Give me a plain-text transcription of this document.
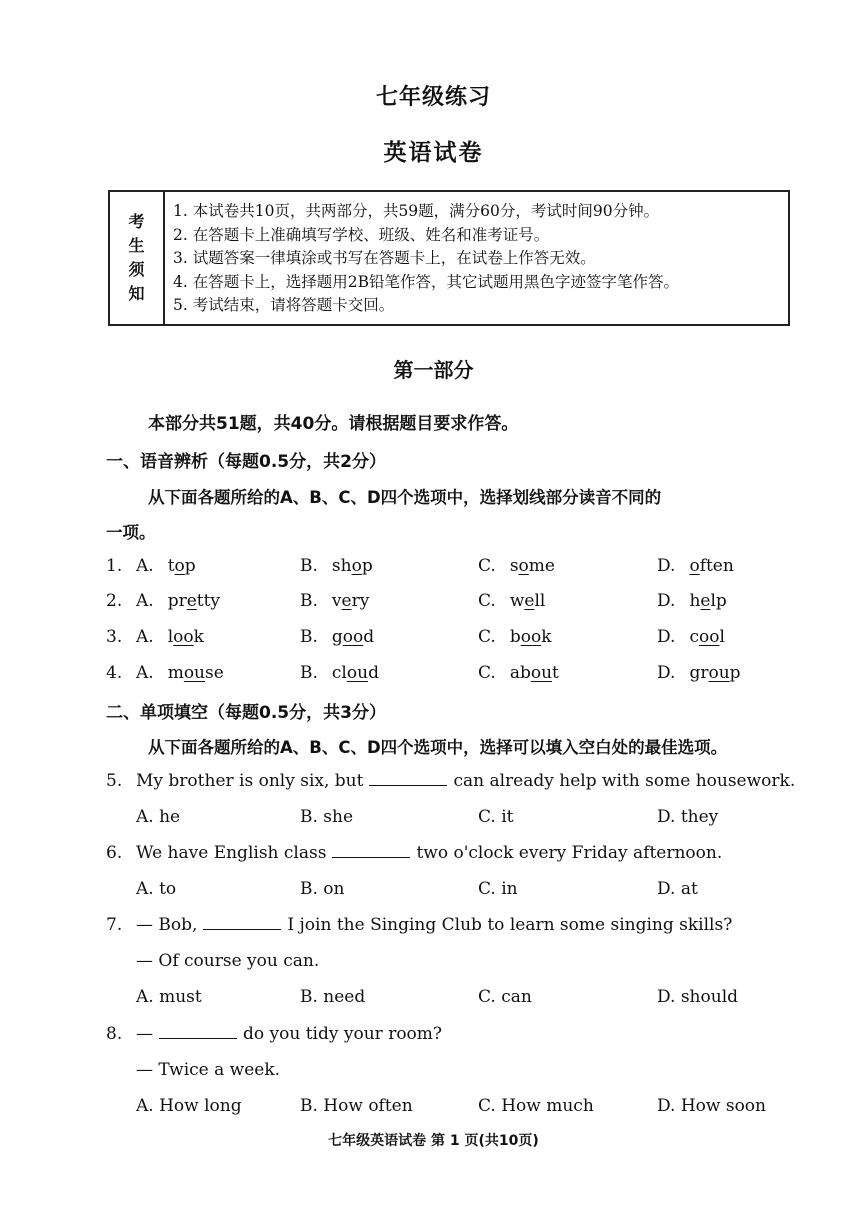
七年级练习
英语试卷
考
生
须
知
1. 本试卷共10页，共两部分，共59题，满分60分，考试时间90分钟。
2. 在答题卡上准确填写学校、班级、姓名和准考证号。
3. 试题答案一律填涂或书写在答题卡上，在试卷上作答无效。
4. 在答题卡上，选择题用2B铅笔作答，其它试题用黑色字迹签字笔作答。
5. 考试结束，请将答题卡交回。
第一部分
本部分共51题，共40分。请根据题目要求作答。
一、语音辨析（每题0.5分，共2分）
从下面各题所给的A、B、C、D四个选项中，选择划线部分读音不同的
一项。
1. A. top	B. shop	C. some	D. often
2. A. pretty	B. very	C. well	D. help
3. A. look	B. good	C. book	D. cool
4. A. mouse	B. cloud	C. about	D. group
二、单项填空（每题0.5分，共3分）
从下面各题所给的A、B、C、D四个选项中，选择可以填入空白处的最佳选项。
5. My brother is only six, but	can already help with some housework.
A. he	B. she	C. it	D. they
6. We have English class	two o'clock every Friday afternoon.
A. to	B. on	C. in	D. at
7. — Bob,	I join the Singing Club to learn some singing skills?
— Of course you can.
A. must	B. need	C. can	D. should
8. —	do you tidy your room?
— Twice a week.
A. How long	B. How often	C. How much	D. How soon
七年级英语试卷 第 1 页(共10页)
